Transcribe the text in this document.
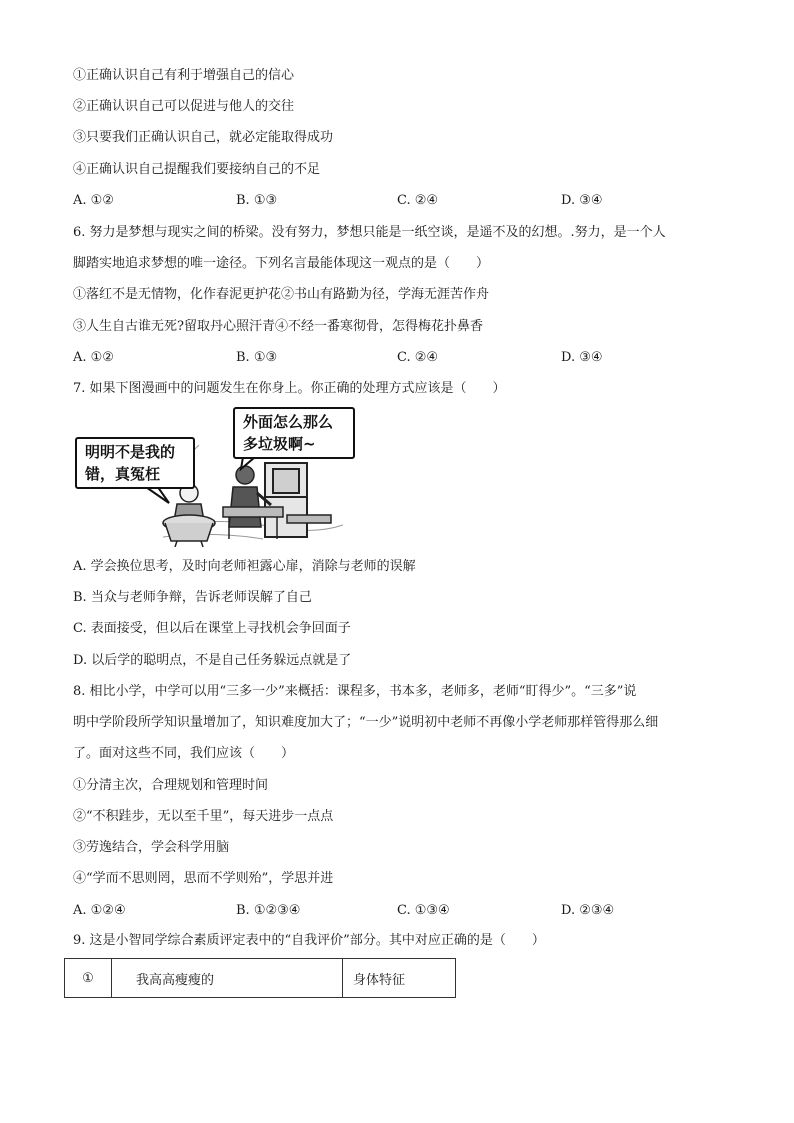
①正确认识自己有利于增强自己的信心
②正确认识自己可以促进与他人的交往
③只要我们正确认识自己，就必定能取得成功
④正确认识自己提醒我们要接纳自己的不足
A. ①②	B. ①③	C. ②④	D. ③④
6. 努力是梦想与现实之间的桥梁。没有努力，梦想只能是一纸空谈，是遥不及的幻想。.努力，是一个人
脚踏实地追求梦想的唯一途径。下列名言最能体现这一观点的是（　　）
①落红不是无情物，化作春泥更护花②书山有路勤为径，学海无涯苦作舟
③人生自古谁无死?留取丹心照汗青④不经一番寒彻骨，怎得梅花扑鼻香
A. ①②	B. ①③	C. ②④	D. ③④
7. 如果下图漫画中的问题发生在你身上。你正确的处理方式应该是（　　）
明明不是我的错，真冤枉
外面怎么那么多垃圾啊~
A. 学会换位思考，及时向老师袒露心扉，消除与老师的误解
B. 当众与老师争辩，告诉老师误解了自己
C. 表面接受，但以后在课堂上寻找机会争回面子
D. 以后学的聪明点，不是自己任务躲远点就是了
8. 相比小学，中学可以用“三多一少”来概括：课程多，书本多，老师多，老师“盯得少”。“三多”说
明中学阶段所学知识量增加了，知识难度加大了；“一少”说明初中老师不再像小学老师那样管得那么细
了。面对这些不同，我们应该（　　）
①分清主次，合理规划和管理时间
②“不积跬步，无以至千里”，每天进步一点点
③劳逸结合，学会科学用脑
④“学而不思则罔，思而不学则殆”，学思并进
A. ①②④	B. ①②③④	C. ①③④	D. ②③④
9. 这是小智同学综合素质评定表中的“自我评价”部分。其中对应正确的是（　　）
①	我高高瘦瘦的	身体特征
